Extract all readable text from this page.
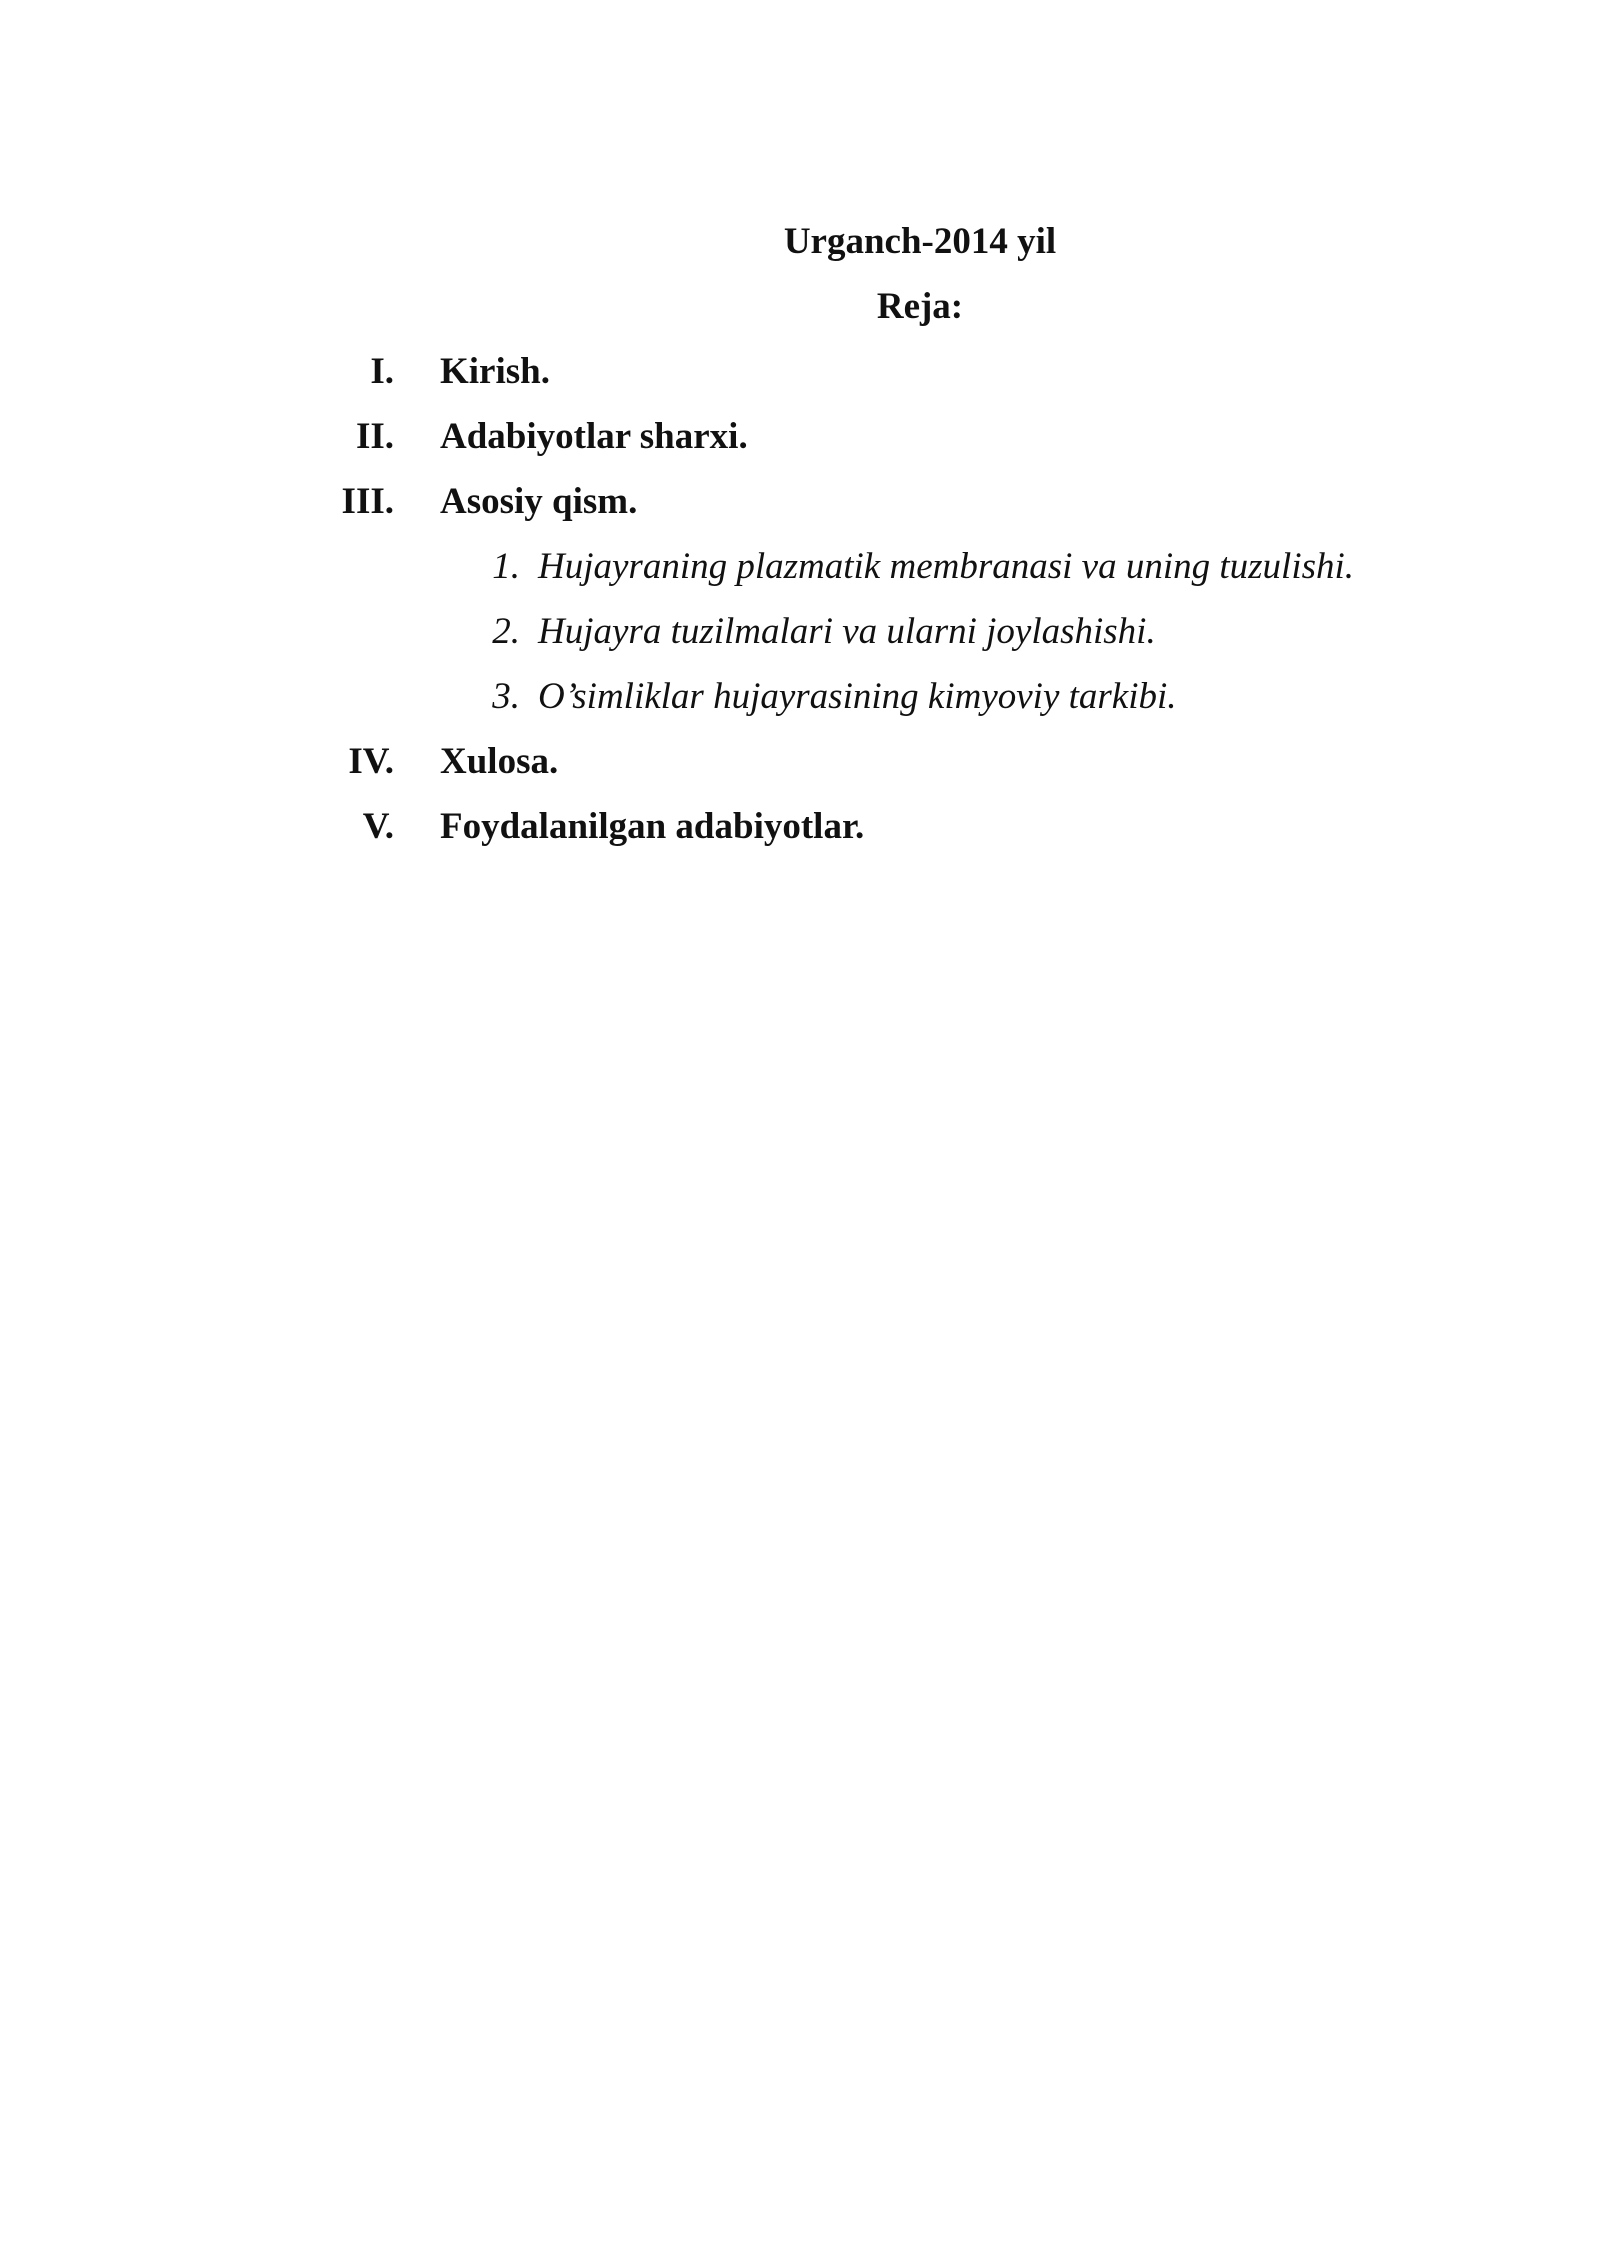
Urganch-2014 yil
Reja:
I. Kirish.
II. Adabiyotlar sharxi.
III. Asosiy qism.
1. Hujayraning plazmatik membranasi va uning tuzulishi.
2. Hujayra tuzilmalari va ularni joylashishi.
3. O’simliklar hujayrasining kimyoviy tarkibi.
IV. Xulosa.
V. Foydalanilgan adabiyotlar.
